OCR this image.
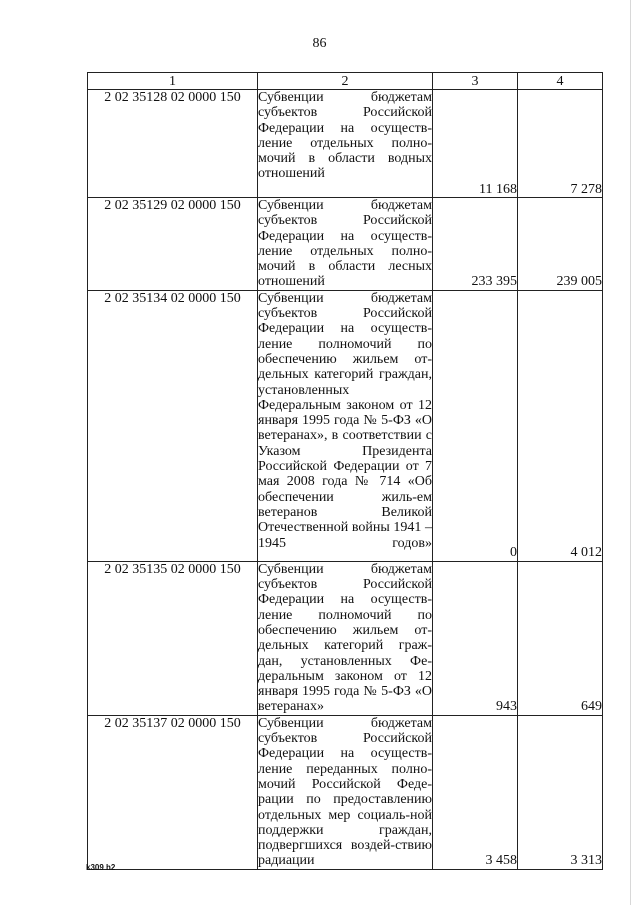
86
1	2	3	4
2 02 35128 02 0000 150	Субвенции бюджетам субъектов Российской Федерации на осуществ-ление отдельных полно-мочий в области водных отношений	11 168	7 278
2 02 35129 02 0000 150	Субвенции бюджетам субъектов Российской Федерации на осуществ-ление отдельных полно-мочий в области лесных отношений	233 395	239 005
2 02 35134 02 0000 150	Субвенции бюджетам субъектов Российской Федерации на осуществ-ление полномочий по обеспечению жильем от-дельных категорий граждан, установленных Федеральным законом от 12 января 1995 года № 5-ФЗ «О ветеранах», в соответствии с Указом Президента Российской Федерации от 7 мая 2008 года № 714 «Об обеспечении жиль-ем ветеранов Великой Отечественной войны 1941 – 1945 годов»	0	4 012
2 02 35135 02 0000 150	Субвенции бюджетам субъектов Российской Федерации на осуществ-ление полномочий по обеспечению жильем от-дельных категорий граж-дан, установленных Фе-деральным законом от 12 января 1995 года № 5-ФЗ «О ветеранах»	943	649
2 02 35137 02 0000 150	Субвенции бюджетам субъектов Российской Федерации на осуществ-ление переданных полно-мочий Российской Феде-рации по предоставлению отдельных мер социаль-ной поддержки граждан, подвергшихся воздей-ствию радиации	3 458	3 313
k309 h2
